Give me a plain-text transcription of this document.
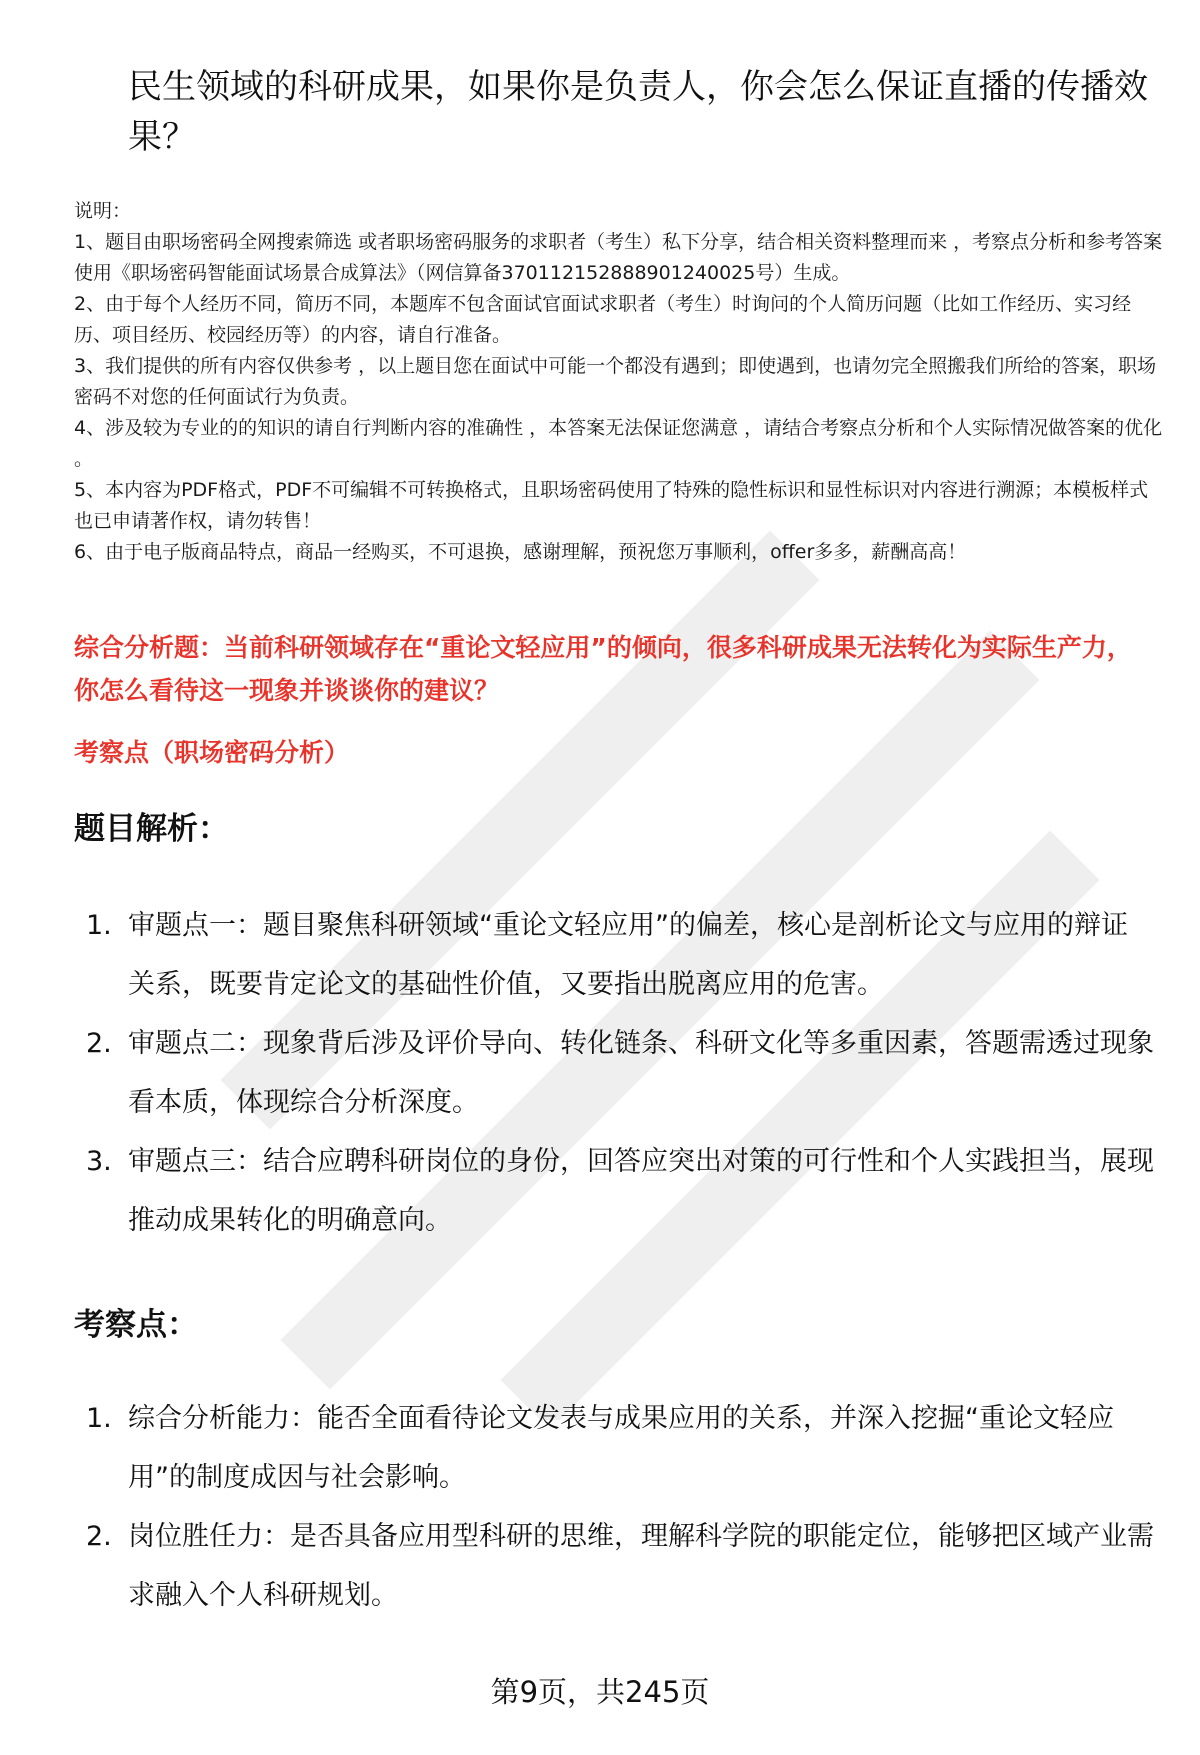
民生领域的科研成果，如果你是负责人，你会怎么保证直播的传播效果？

说明：

1、题目由职场密码全网搜索筛选 或者职场密码服务的求职者（考生）私下分享，结合相关资料整理而来 ，考察点分析和参考答案使用《职场密码智能面试场景合成算法》（网信算备370112152888901240025号）生成。

2、由于每个人经历不同，简历不同，本题库不包含面试官面试求职者（考生）时询问的个人简历问题（比如工作经历、实习经历、项目经历、校园经历等）的内容，请自行准备。

3、我们提供的所有内容仅供参考 ，以上题目您在面试中可能一个都没有遇到；即使遇到，也请勿完全照搬我们所给的答案，职场密码不对您的任何面试行为负责。

4、涉及较为专业的的知识的请自行判断内容的准确性 ，本答案无法保证您满意 ，请结合考察点分析和个人实际情况做答案的优化 。

5、本内容为PDF格式，PDF不可编辑不可转换格式，且职场密码使用了特殊的隐性标识和显性标识对内容进行溯源；本模板样式也已申请著作权，请勿转售！

6、由于电子版商品特点，商品一经购买，不可退换，感谢理解，预祝您万事顺利，offer多多，薪酬高高！

综合分析题：当前科研领域存在“重论文轻应用”的倾向，很多科研成果无法转化为实际生产力，你怎么看待这一现象并谈谈你的建议？
考察点（职场密码分析）
题目解析：
1. 审题点一：题目聚焦科研领域“重论文轻应用”的偏差，核心是剖析论文与应用的辩证关系，既要肯定论文的基础性价值，又要指出脱离应用的危害。
2. 审题点二：现象背后涉及评价导向、转化链条、科研文化等多重因素，答题需透过现象看本质，体现综合分析深度。
3. 审题点三：结合应聘科研岗位的身份，回答应突出对策的可行性和个人实践担当，展现推动成果转化的明确意向。
考察点：
1. 综合分析能力：能否全面看待论文发表与成果应用的关系，并深入挖掘“重论文轻应用”的制度成因与社会影响。
2. 岗位胜任力：是否具备应用型科研的思维，理解科学院的职能定位，能够把区域产业需求融入个人科研规划。
第9页，共245页
